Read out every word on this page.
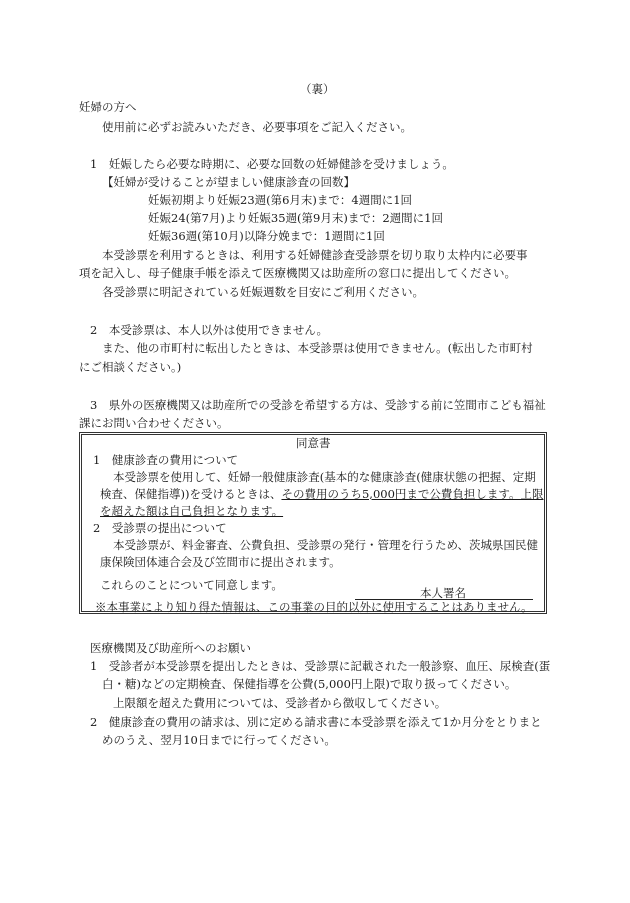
（裏）
妊婦の方へ
使用前に必ずお読みいただき、必要事項をご記入ください。
1　妊娠したら必要な時期に、必要な回数の妊婦健診を受けましょう。
【妊婦が受けることが望ましい健康診査の回数】
妊娠初期より妊娠23週(第6月末)まで：4週間に1回
妊娠24(第7月)より妊娠35週(第9月末)まで：2週間に1回
妊娠36週(第10月)以降分娩まで：1週間に1回
本受診票を利用するときは、利用する妊婦健診査受診票を切り取り太枠内に必要事
項を記入し、母子健康手帳を添えて医療機関又は助産所の窓口に提出してください。
各受診票に明記されている妊娠週数を目安にご利用ください。
2　本受診票は、本人以外は使用できません。
また、他の市町村に転出したときは、本受診票は使用できません。(転出した市町村
にご相談ください。)
3　県外の医療機関又は助産所での受診を希望する方は、受診する前に笠間市こども福祉
課にお問い合わせください。
同意書
1　健康診査の費用について
本受診票を使用して、妊婦一般健康診査(基本的な健康診査(健康状態の把握、定期
検査、保健指導))を受けるときは、その費用のうち5,000円まで公費負担します。上限
を超えた額は自己負担となります。
2　受診票の提出について
本受診票が、料金審査、公費負担、受診票の発行・管理を行うため、茨城県国民健
康保険団体連合会及び笠間市に提出されます。
これらのことについて同意します。
本人署名
※本事業により知り得た情報は、この事業の目的以外に使用することはありません。
医療機関及び助産所へのお願い
1　受診者が本受診票を提出したときは、受診票に記載された一般診察、血圧、尿検査(蛋
白・糖)などの定期検査、保健指導を公費(5,000円上限)で取り扱ってください。
上限額を超えた費用については、受診者から徴収してください。
2　健康診査の費用の請求は、別に定める請求書に本受診票を添えて1か月分をとりまと
めのうえ、翌月10日までに行ってください。
